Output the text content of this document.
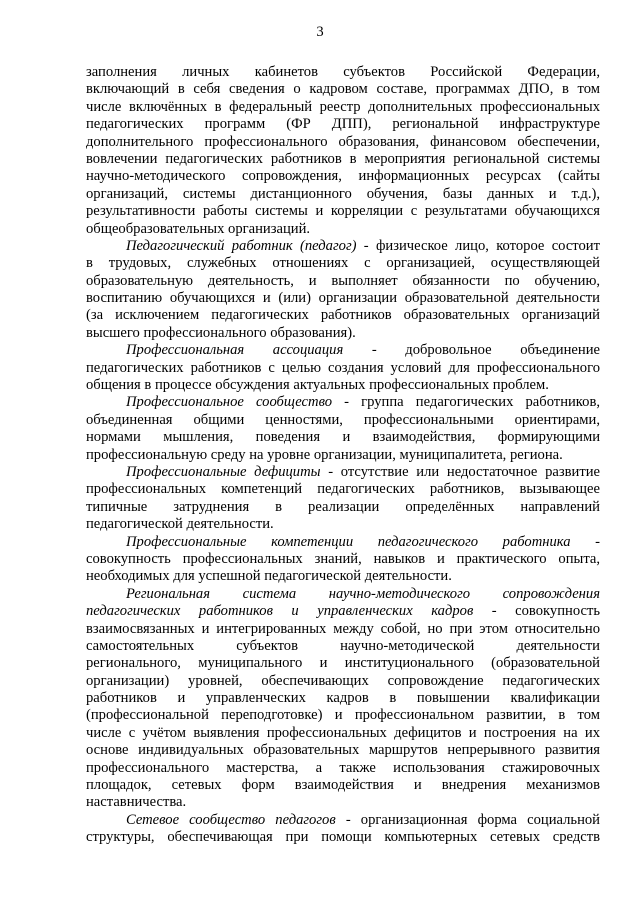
3
заполнения личных кабинетов субъектов Российской Федерации,
включающий в себя сведения о кадровом составе, программах ДПО, в том
числе включённых в федеральный реестр дополнительных профессиональных
педагогических программ (ФР ДПП), региональной инфраструктуре
дополнительного профессионального образования, финансовом обеспечении,
вовлечении педагогических работников в мероприятия региональной системы
научно-методического сопровождения, информационных ресурсах (сайты
организаций, системы дистанционного обучения, базы данных и т.д.),
результативности работы системы и корреляции с результатами обучающихся
общеобразовательных организаций.
Педагогический работник (педагог) - физическое лицо, которое состоит
в трудовых, служебных отношениях с организацией, осуществляющей
образовательную деятельность, и выполняет обязанности по обучению,
воспитанию обучающихся и (или) организации образовательной деятельности
(за исключением педагогических работников образовательных организаций
высшего профессионального образования).
Профессиональная ассоциация - добровольное объединение
педагогических работников с целью создания условий для профессионального
общения в процессе обсуждения актуальных профессиональных проблем.
Профессиональное сообщество - группа педагогических работников,
объединенная общими ценностями, профессиональными ориентирами,
нормами мышления, поведения и взаимодействия, формирующими
профессиональную среду на уровне организации, муниципалитета, региона.
Профессиональные дефициты - отсутствие или недостаточное развитие
профессиональных компетенций педагогических работников, вызывающее
типичные затруднения в реализации определённых направлений
педагогической деятельности.
Профессиональные компетенции педагогического работника -
совокупность профессиональных знаний, навыков и практического опыта,
необходимых для успешной педагогической деятельности.
Региональная система научно-методического сопровождения
педагогических работников и управленческих кадров - совокупность
взаимосвязанных и интегрированных между собой, но при этом относительно
самостоятельных субъектов научно-методической деятельности
регионального, муниципального и институционального (образовательной
организации) уровней, обеспечивающих сопровождение педагогических
работников и управленческих кадров в повышении квалификации
(профессиональной переподготовке) и профессиональном развитии, в том
числе с учётом выявления профессиональных дефицитов и построения на их
основе индивидуальных образовательных маршрутов непрерывного развития
профессионального мастерства, а также использования стажировочных
площадок, сетевых форм взаимодействия и внедрения механизмов
наставничества.
Сетевое сообщество педагогов - организационная форма социальной
структуры, обеспечивающая при помощи компьютерных сетевых средств
